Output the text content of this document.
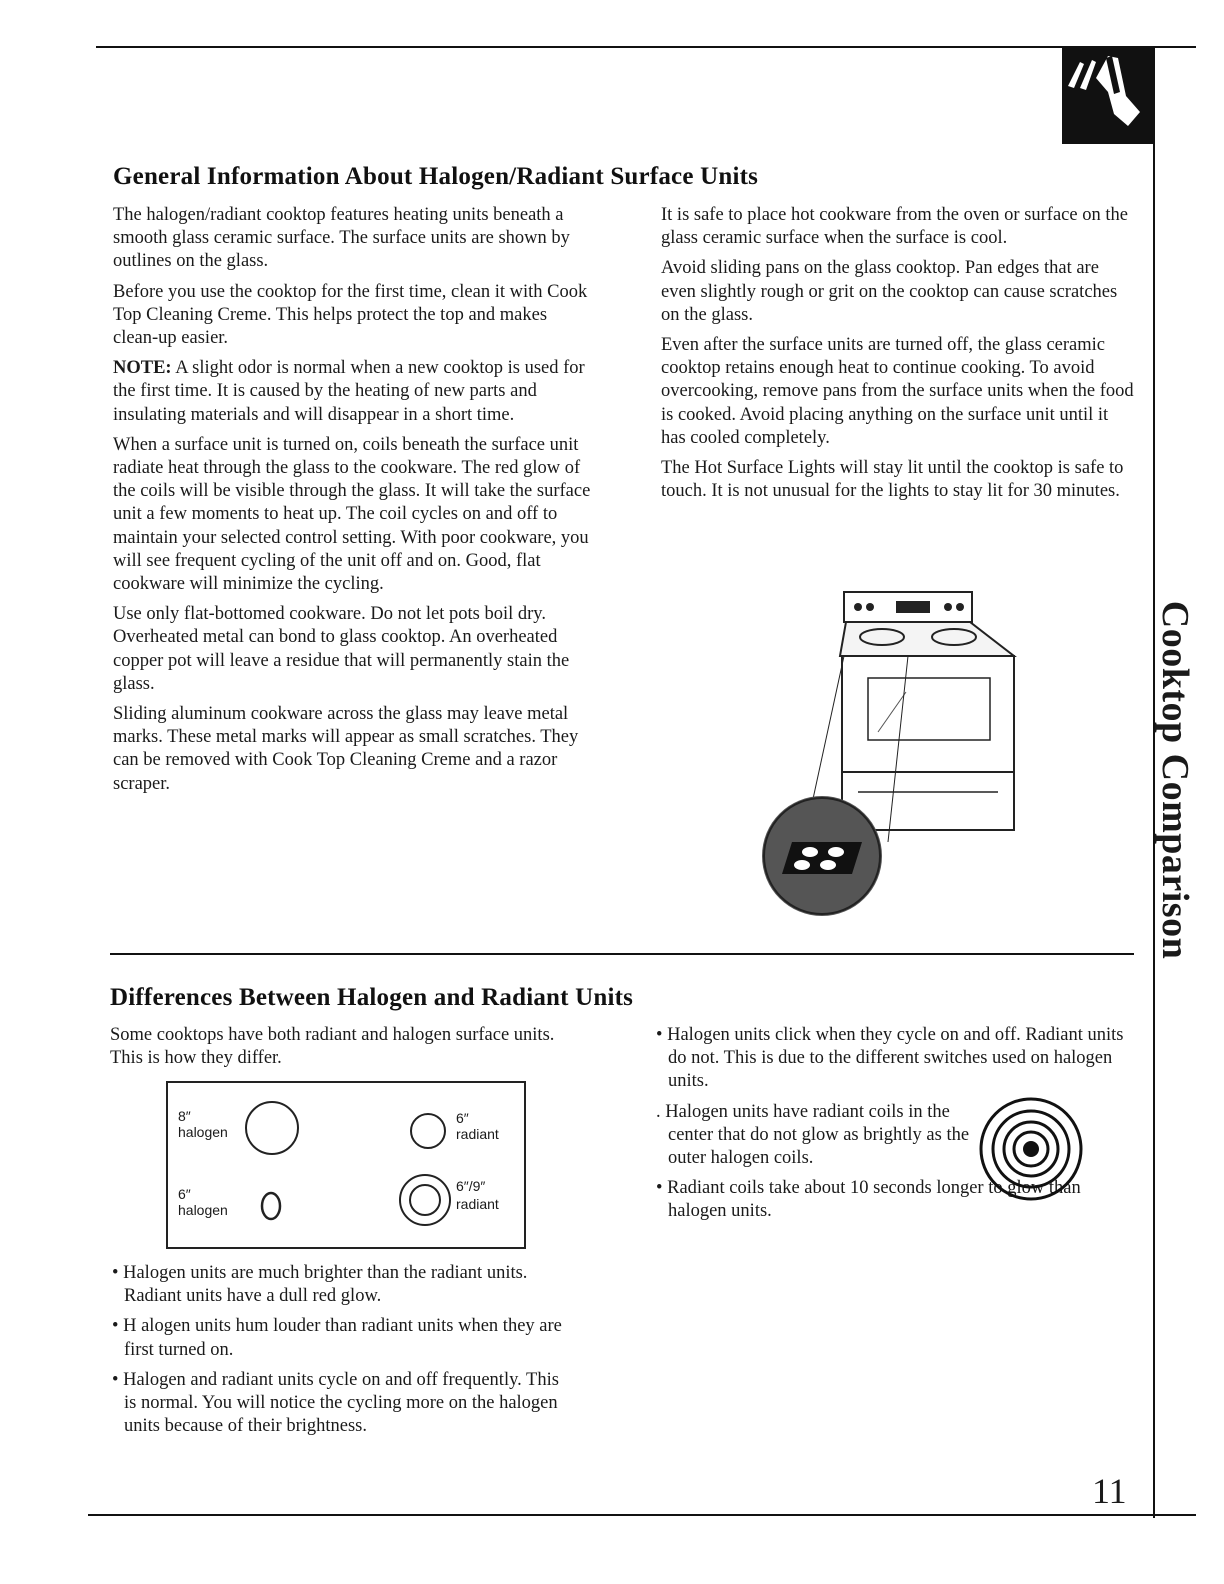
General Information About Halogen/Radiant Surface Units

The halogen/radiant cooktop features heating units beneath a smooth glass ceramic surface. The surface units are shown by outlines on the glass.

Before you use the cooktop for the first time, clean it with Cook Top Cleaning Creme. This helps protect the top and makes clean-up easier.

NOTE: A slight odor is normal when a new cooktop is used for the first time. It is caused by the heating of new parts and insulating materials and will disappear in a short time.

When a surface unit is turned on, coils beneath the surface unit radiate heat through the glass to the cookware. The red glow of the coils will be visible through the glass. It will take the surface unit a few moments to heat up. The coil cycles on and off to maintain your selected control setting. With poor cookware, you will see frequent cycling of the unit off and on. Good, flat cookware will minimize the cycling.

Use only flat-bottomed cookware. Do not let pots boil dry. Overheated metal can bond to glass cooktop. An overheated copper pot will leave a residue that will permanently stain the glass.

Sliding aluminum cookware across the glass may leave metal marks. These metal marks will appear as small scratches. They can be removed with Cook Top Cleaning Creme and a razor scraper.

It is safe to place hot cookware from the oven or surface on the glass ceramic surface when the surface is cool.

Avoid sliding pans on the glass cooktop. Pan edges that are even slightly rough or grit on the cooktop can cause scratches on the glass.

Even after the surface units are turned off, the glass ceramic cooktop retains enough heat to continue cooking. To avoid overcooking, remove pans from the surface units when the food is cooked. Avoid placing anything on the surface unit until it has cooled completely.

The Hot Surface Lights will stay lit until the cooktop is safe to touch. It is not unusual for the lights to stay lit for 30 minutes.

Cooktop Comparison
Differences Between Halogen and Radiant Units

Some cooktops have both radiant and halogen surface units. This is how they differ.

8″
halogen
6″
radiant
6″
halogen
6″/9″
radiant

• Halogen units are much brighter than the radiant units. Radiant units have a dull red glow.

• H alogen units hum louder than radiant units when they are first turned on.

• Halogen and radiant units cycle on and off frequently. This is normal. You will notice the cycling more on the halogen units because of their brightness.

• Halogen units click when they cycle on and off. Radiant units do not. This is due to the different switches used on halogen units.

. Halogen units have radiant coils in the center that do not glow as brightly as the outer halogen coils.

• Radiant coils take about 10 seconds longer to glow than halogen units.

11
